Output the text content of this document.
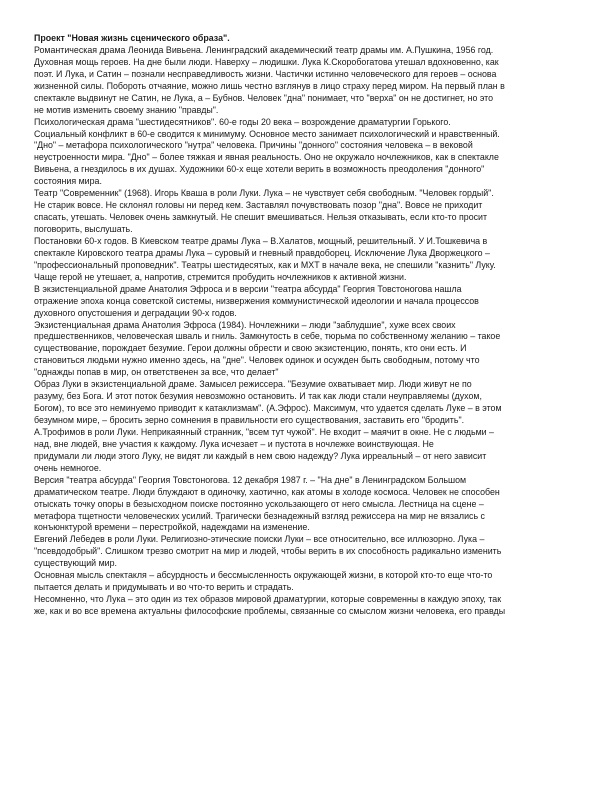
Проект "Новая жизнь сценического образа".
Романтическая драма Леонида Вивьена. Ленинградский академический театр драмы им. А.Пушкина, 1956 год.
Духовная мощь героев. На дне были люди. Наверху – людишки. Лука К.Скоробогатова утешал вдохновенно, как
поэт. И Лука, и Сатин – познали несправедливость жизни. Частички истинно человеческого для героев – основа
жизненной силы. Побороть отчаяние, можно лишь честно взглянув в лицо страху перед миром. На первый план в
спектакле выдвинут не Сатин, не Лука, а – Бубнов. Человек "дна" понимает, что "верха" он не достигнет, но это
не мотив изменить своему знанию "правды".
Психологическая драма "шестидесятников". 60-е годы 20 века – возрождение драматургии Горького.
Социальный конфликт в 60-е сводится к минимуму. Основное место занимает психологический и нравственный.
"Дно" – метафора психологического "нутра" человека. Причины "донного" состояния человека – в вековой
неустроенности мира. "Дно" – более тяжкая и явная реальность. Оно не окружало ночлежников, как в спектакле
Вивьена, а гнездилось в их душах. Художники 60-х еще хотели верить в возможность преодоления "донного"
состояния мира.
Театр "Современник" (1968). Игорь Кваша в роли Луки. Лука – не чувствует себя свободным. "Человек гордый".
Не старик вовсе. Не склонял головы ни перед кем. Заставлял почувствовать позор "дна". Вовсе не приходит
спасать, утешать. Человек очень замкнутый. Не спешит вмешиваться. Нельзя отказывать, если кто-то просит
поговорить, выслушать.
Постановки 60-х годов. В Киевском театре драмы Лука – В.Халатов, мощный, решительный. У И.Тошкевича в
спектакле Кировского театра драмы Лука – суровый и гневный правдоборец. Исключение Лука Дворжецкого –
"профессиональный проповедник". Театры шестидесятых, как и МХТ в начале века, не спешили "казнить" Луку.
Чаще герой не утешает, а, напротив, стремится пробудить ночлежников к активной жизни.
В экзистенциальной драме Анатолия Эфроса и в версии "театра абсурда" Георгия Товстоногова нашла
отражение эпоха конца советской системы, низвержения коммунистической идеологии и начала процессов
духовного опустошения и деградации 90-х годов.
Экзистенциальная драма Анатолия Эфроса (1984). Ночлежники – люди "заблудшие", хуже всех своих
предшественников, человеческая шваль и гниль. Замкнутость в себе, тюрьма по собственному желанию – такое
существование, порождает безумие. Герои должны обрести и свою экзистенцию, понять, кто они есть. И
становиться людьми нужно именно здесь, на "дне". Человек одинок и осужден быть свободным, потому что
"однажды попав в мир, он ответственен за все, что делает"
Образ Луки в экзистенциальной драме. Замысел режиссера. "Безумие охватывает мир. Люди живут не по
разуму, без Бога. И этот поток безумия невозможно остановить. И так как люди стали неуправляемы (духом,
Богом), то все это неминуемо приводит к катаклизмам". (А.Эфрос). Максимум, что удается сделать Луке – в этом
безумном мире, – бросить зерно сомнения в правильности его существования, заставить его "бродить".
А.Трофимов в роли Луки. Неприкаянный странник, "всем тут чужой". Не входит – маячит в окне. Не с людьми –
над, вне людей, вне участия к каждому. Лука исчезает – и пустота в ночлежке воинствующая. Не
придумали ли люди этого Луку, не видят ли каждый в нем свою надежду? Лука ирреальный – от него зависит
очень немногое.
Версия "театра абсурда" Георгия Товстоногова. 12 декабря 1987 г. – "На дне" в Ленинградском Большом
драматическом театре. Люди блуждают в одиночку, хаотично, как атомы в холоде космоса. Человек не способен
отыскать точку опоры в безысходном поиске постоянно ускользающего от него смысла. Лестница на сцене –
метафора тщетности человеческих усилий. Трагически безнадежный взгляд режиссера на мир не вязались с
конъюнктурой времени – перестройкой, надеждами на изменение.
Евгений Лебедев в роли Луки. Религиозно-этические поиски Луки – все относительно, все иллюзорно. Лука –
"псевдодобрый". Слишком трезво смотрит на мир и людей, чтобы верить в их способность радикально изменить
существующий мир.
Основная мысль спектакля – абсурдность и бессмысленность окружающей жизни, в которой кто-то еще что-то
пытается делать и придумывать и во что-то верить и страдать.
Несомненно, что Лука – это один из тех образов мировой драматургии, которые современны в каждую эпоху, так
же, как и во все времена актуальны философские проблемы, связанные со смыслом жизни человека, его правды
